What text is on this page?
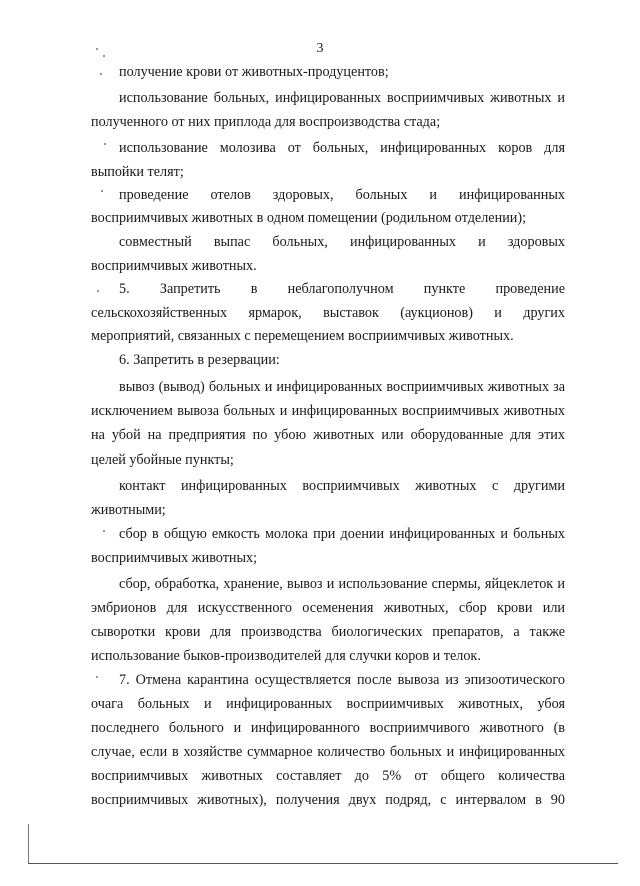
3
получение крови от животных-продуцентов;
использование больных, инфицированных восприимчивых животных и
полученного от них приплода для воспроизводства стада;
использование молозива от больных, инфицированных коров для
выпойки телят;
проведение отелов здоровых, больных и инфицированных
восприимчивых животных в одном помещении (родильном отделении);
совместный выпас больных, инфицированных и здоровых
восприимчивых животных.
5. Запретить в неблагополучном пункте проведение
сельскохозяйственных ярмарок, выставок (аукционов) и других
мероприятий, связанных с перемещением восприимчивых животных.
6. Запретить в резервации:
вывоз (вывод) больных и инфицированных восприимчивых животных за
исключением вывоза больных и инфицированных восприимчивых животных
на убой на предприятия по убою животных или оборудованные для этих
целей убойные пункты;
контакт инфицированных восприимчивых животных с другими
животными;
сбор в общую емкость молока при доении инфицированных и больных
восприимчивых животных;
сбор, обработка, хранение, вывоз и использование спермы, яйцеклеток и
эмбрионов для искусственного осеменения животных, сбор крови или
сыворотки крови для производства биологических препаратов, а также
использование быков-производителей для случки коров и телок.
7. Отмена карантина осуществляется после вывоза из эпизоотического
очага больных и инфицированных восприимчивых животных, убоя
последнего больного и инфицированного восприимчивого животного (в
случае, если в хозяйстве суммарное количество больных и инфицированных
восприимчивых животных составляет до 5% от общего количества
восприимчивых животных), получения двух подряд, с интервалом в 90
